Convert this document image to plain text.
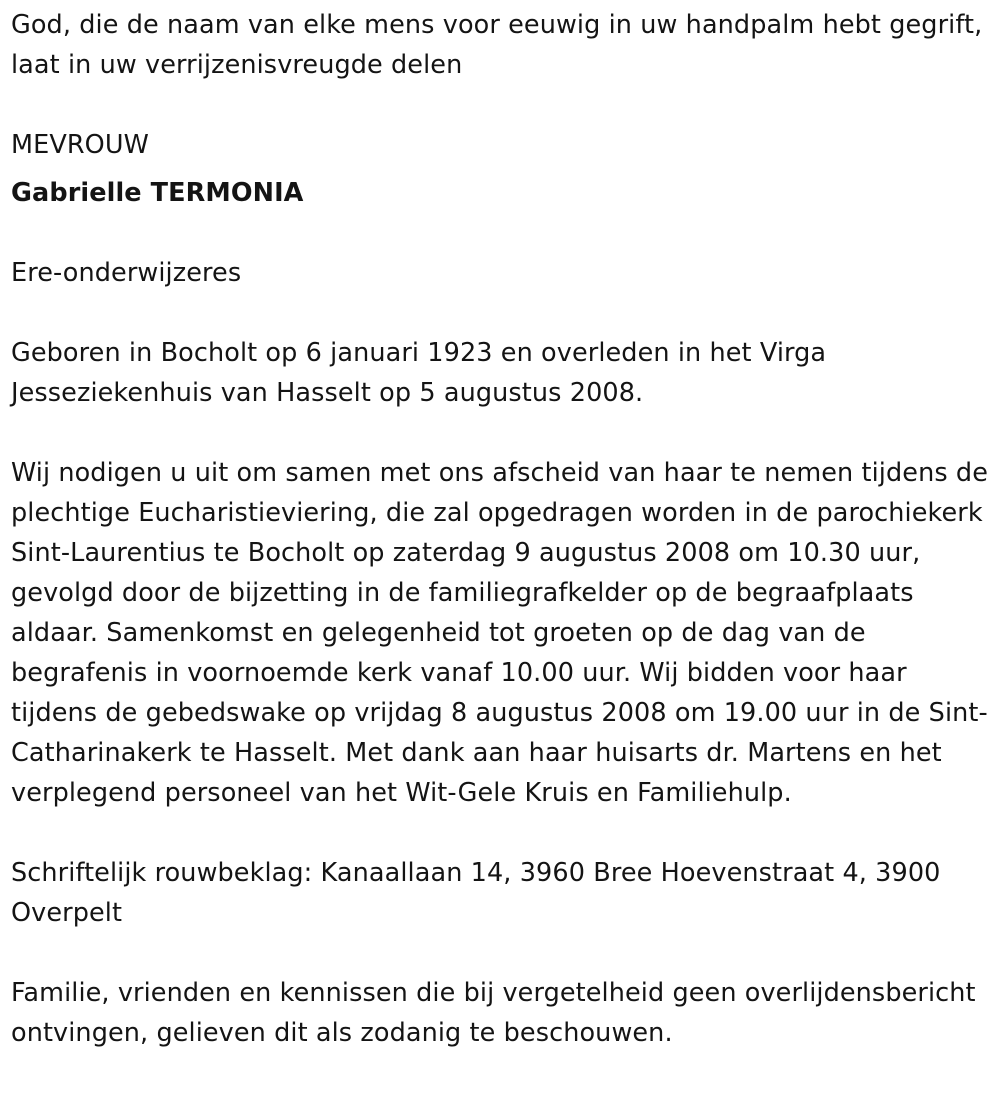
God, die de naam van elke mens voor eeuwig in uw handpalm hebt gegrift, laat in uw verrijzenisvreugde delen

MEVROUW

Gabrielle TERMONIA

Ere-onderwijzeres

Geboren in Bocholt op 6 januari 1923 en overleden in het Virga Jesseziekenhuis van Hasselt op 5 augustus 2008.

Wij nodigen u uit om samen met ons afscheid van haar te nemen tijdens de plechtige Eucharistieviering, die zal opgedragen worden in de parochiekerk Sint-Laurentius te Bocholt op zaterdag 9 augustus 2008 om 10.30 uur, gevolgd door de bijzetting in de familiegrafkelder op de begraafplaats aldaar. Samenkomst en gelegenheid tot groeten op de dag van de begrafenis in voornoemde kerk vanaf 10.00 uur. Wij bidden voor haar tijdens de gebedswake op vrijdag 8 augustus 2008 om 19.00 uur in de Sint-Catharinakerk te Hasselt. Met dank aan haar huisarts dr. Martens en het verplegend personeel van het Wit-Gele Kruis en Familiehulp.

Schriftelijk rouwbeklag: Kanaallaan 14, 3960 Bree Hoevenstraat 4, 3900 Overpelt

Familie, vrienden en kennissen die bij vergetelheid geen overlijdensbericht ontvingen, gelieven dit als zodanig te beschouwen.
